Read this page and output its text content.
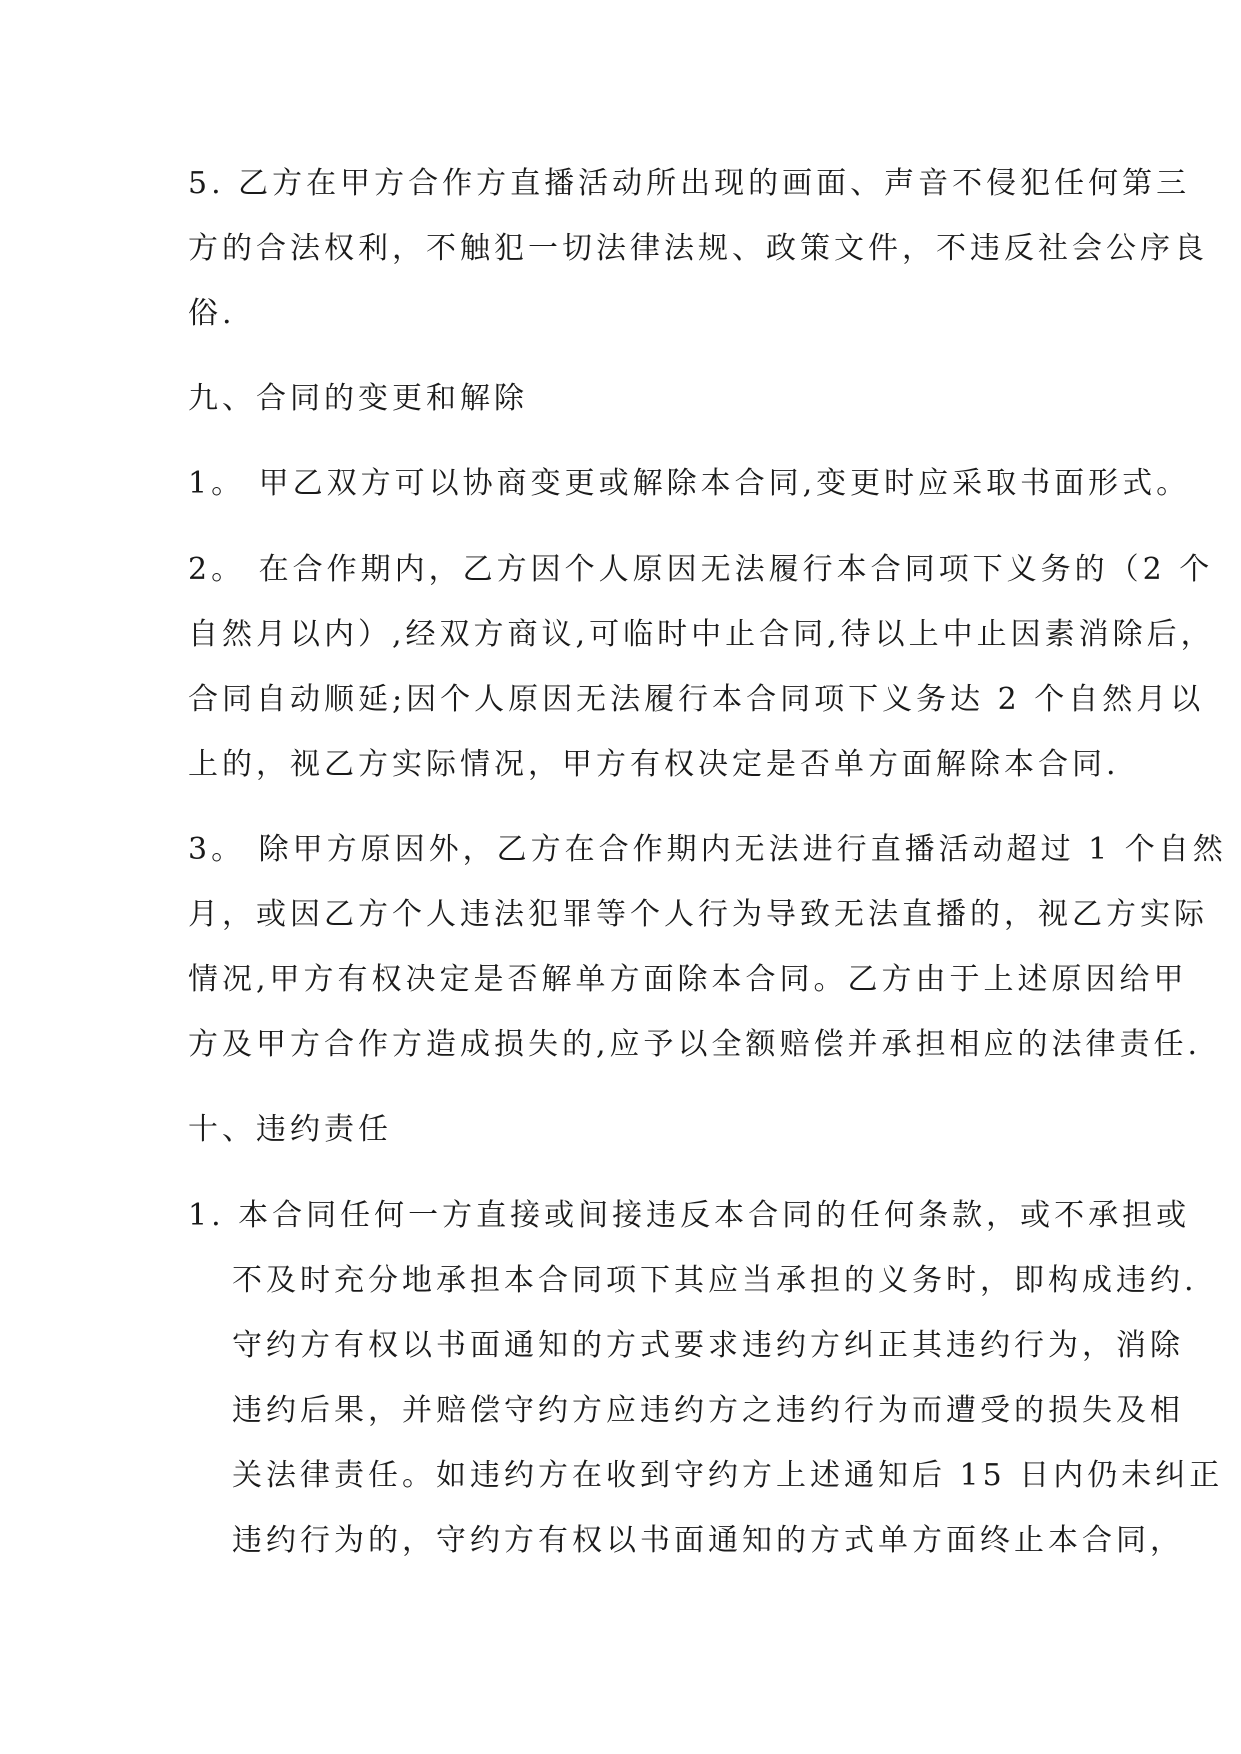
5. 乙方在甲方合作方直播活动所出现的画面、声音不侵犯任何第三
方的合法权利，不触犯一切法律法规、政策文件，不违反社会公序良
俗.
九、合同的变更和解除
1。 甲乙双方可以协商变更或解除本合同,变更时应采取书面形式。
2。 在合作期内，乙方因个人原因无法履行本合同项下义务的（2 个
自然月以内）,经双方商议,可临时中止合同,待以上中止因素消除后，
合同自动顺延;因个人原因无法履行本合同项下义务达 2 个自然月以
上的，视乙方实际情况，甲方有权决定是否单方面解除本合同.
3。 除甲方原因外，乙方在合作期内无法进行直播活动超过 1 个自然
月，或因乙方个人违法犯罪等个人行为导致无法直播的，视乙方实际
情况,甲方有权决定是否解单方面除本合同。乙方由于上述原因给甲
方及甲方合作方造成损失的,应予以全额赔偿并承担相应的法律责任.
十、违约责任
1. 本合同任何一方直接或间接违反本合同的任何条款，或不承担或
不及时充分地承担本合同项下其应当承担的义务时，即构成违约.
守约方有权以书面通知的方式要求违约方纠正其违约行为，消除
违约后果，并赔偿守约方应违约方之违约行为而遭受的损失及相
关法律责任。如违约方在收到守约方上述通知后 15 日内仍未纠正
违约行为的，守约方有权以书面通知的方式单方面终止本合同，
